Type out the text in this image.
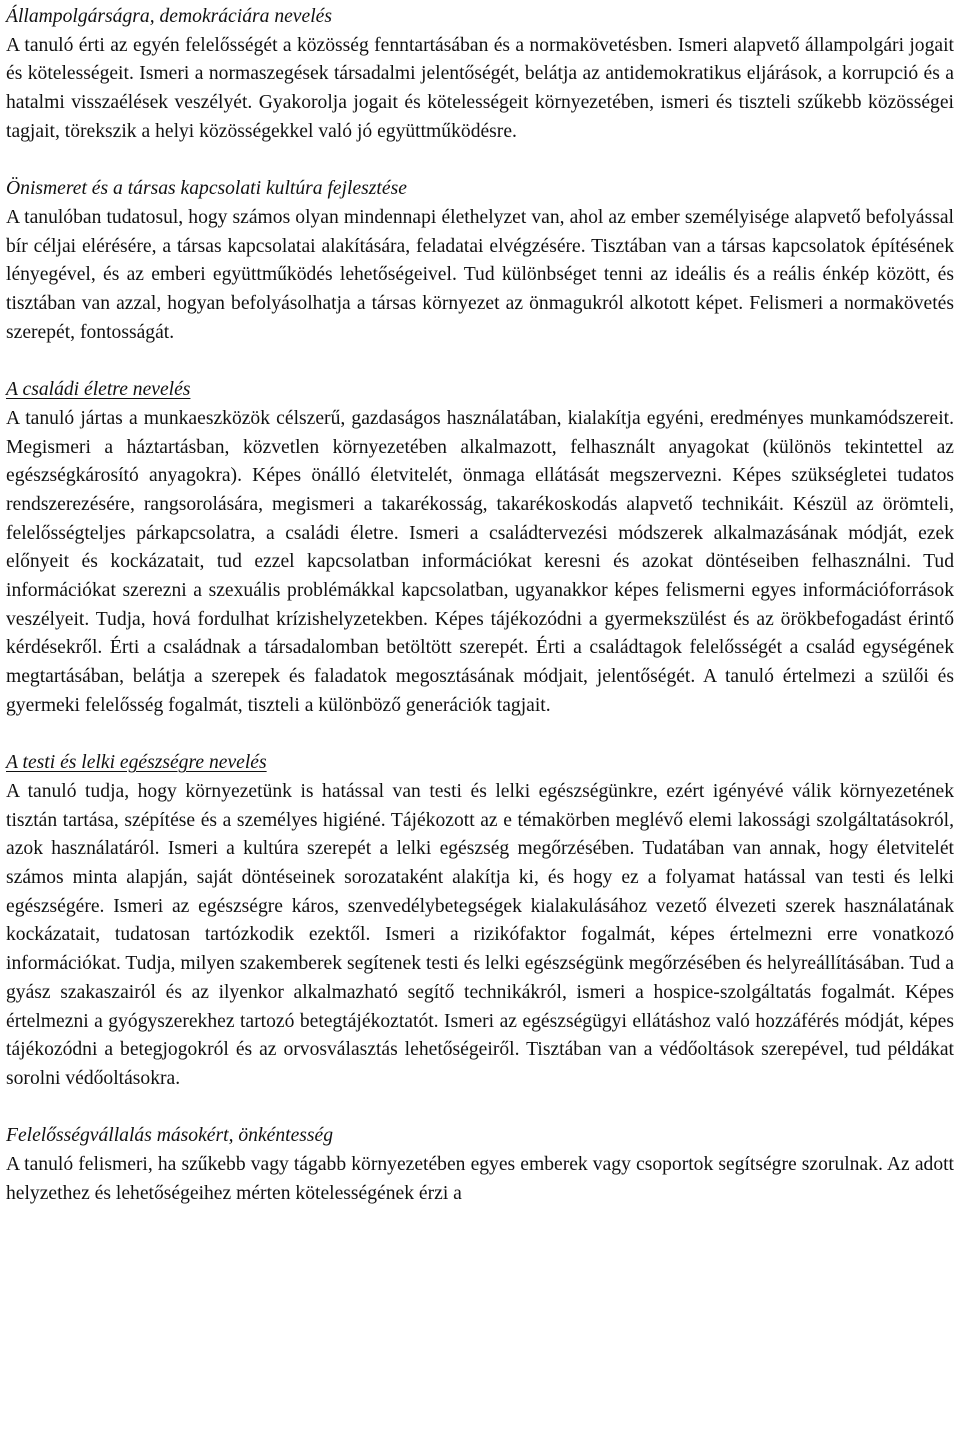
Állampolgárságra, demokráciára nevelés

A tanuló érti az egyén felelősségét a közösség fenntartásában és a normakövetésben. Ismeri alapvető állampolgári jogait és kötelességeit. Ismeri a normaszegések társadalmi jelentőségét, belátja az antidemokratikus eljárások, a korrupció és a hatalmi visszaélések veszélyét. Gyakorolja jogait és kötelességeit környezetében, ismeri és tiszteli szűkebb közösségei tagjait, törekszik a helyi közösségekkel való jó együttműködésre.

Önismeret és a társas kapcsolati kultúra fejlesztése

A tanulóban tudatosul, hogy számos olyan mindennapi élethelyzet van, ahol az ember személyisége alapvető befolyással bír céljai elérésére, a társas kapcsolatai alakítására, feladatai elvégzésére. Tisztában van a társas kapcsolatok építésének lényegével, és az emberi együttműködés lehetőségeivel. Tud különbséget tenni az ideális és a reális énkép között, és tisztában van azzal, hogyan befolyásolhatja a társas környezet az önmagukról alkotott képet. Felismeri a normakövetés szerepét, fontosságát.

A családi életre nevelés

A tanuló jártas a munkaeszközök célszerű, gazdaságos használatában, kialakítja egyéni, eredményes munkamódszereit. Megismeri a háztartásban, közvetlen környezetében alkalmazott, felhasznált anyagokat (különös tekintettel az egészségkárosító anyagokra). Képes önálló életvitelét, önmaga ellátását megszervezni. Képes szükségletei tudatos rendszerezésére, rangsorolására, megismeri a takarékosság, takarékoskodás alapvető technikáit. Készül az örömteli, felelősségteljes párkapcsolatra, a családi életre. Ismeri a családtervezési módszerek alkalmazásának módját, ezek előnyeit és kockázatait, tud ezzel kapcsolatban információkat keresni és azokat döntéseiben felhasználni. Tud információkat szerezni a szexuális problémákkal kapcsolatban, ugyanakkor képes felismerni egyes információforrások veszélyeit. Tudja, hová fordulhat krízishelyzetekben. Képes tájékozódni a gyermekszülést és az örökbefogadást érintő kérdésekről. Érti a családnak a társadalomban betöltött szerepét. Érti a családtagok felelősségét a család egységének megtartásában, belátja a szerepek és faladatok megosztásának módjait, jelentőségét. A tanuló értelmezi a szülői és gyermeki felelősség fogalmát, tiszteli a különböző generációk tagjait.

A testi és lelki egészségre nevelés

A tanuló tudja, hogy környezetünk is hatással van testi és lelki egészségünkre, ezért igényévé válik környezetének tisztán tartása, szépítése és a személyes higiéné. Tájékozott az e témakörben meglévő elemi lakossági szolgáltatásokról, azok használatáról. Ismeri a kultúra szerepét a lelki egészség megőrzésében. Tudatában van annak, hogy életvitelét számos minta alapján, saját döntéseinek sorozataként alakítja ki, és hogy ez a folyamat hatással van testi és lelki egészségére. Ismeri az egészségre káros, szenvedélybetegségek kialakulásához vezető élvezeti szerek használatának kockázatait, tudatosan tartózkodik ezektől. Ismeri a rizikófaktor fogalmát, képes értelmezni erre vonatkozó információkat. Tudja, milyen szakemberek segítenek testi és lelki egészségünk megőrzésében és helyreállításában. Tud a gyász szakaszairól és az ilyenkor alkalmazható segítő technikákról, ismeri a hospice-szolgáltatás fogalmát. Képes értelmezni a gyógyszerekhez tartozó betegtájékoztatót. Ismeri az egészségügyi ellátáshoz való hozzáférés módját, képes tájékozódni a betegjogokról és az orvosválasztás lehetőségeiről. Tisztában van a védőoltások szerepével, tud példákat sorolni védőoltásokra.

Felelősségvállalás másokért, önkéntesség

A tanuló felismeri, ha szűkebb vagy tágabb környezetében egyes emberek vagy csoportok segítségre szorulnak. Az adott helyzethez és lehetőségeihez mérten kötelességének érzi a
